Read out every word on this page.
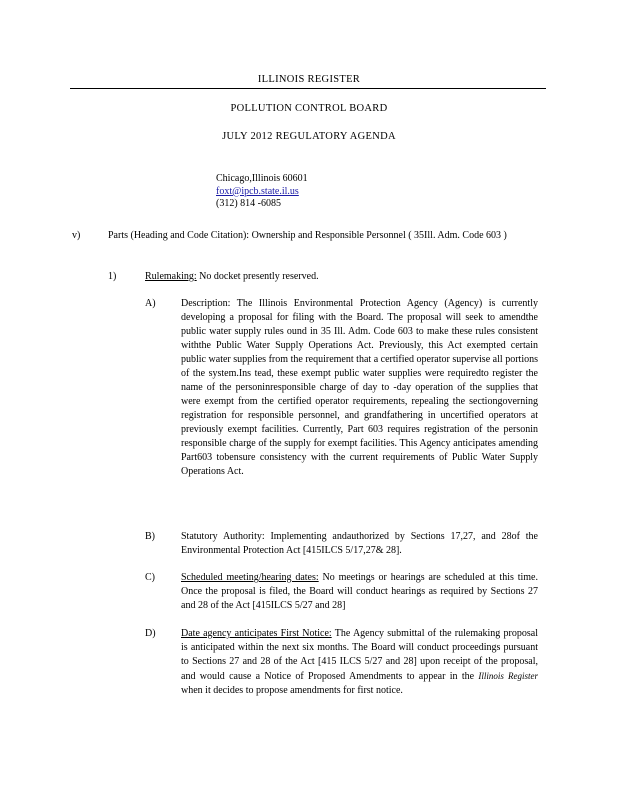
ILLINOIS REGISTER
POLLUTION CONTROL BOARD
JULY 2012 REGULATORY AGENDA
Chicago,Illinois 60601
foxt@ipcb.state.il.us
(312) 814 -6085
v)	Parts (Heading and Code Citation): Ownership and Responsible Personnel ( 35Ill. Adm. Code 603 )
1)	Rulemaking: No docket presently reserved.
A)	Description: The Illinois Environmental Protection Agency (Agency) is currently developing a proposal for filing with the Board. The proposal will seek to amendthe public water supply rules ound in 35 Ill. Adm. Code 603 to make these rules consistent withthe Public Water Supply Operations Act. Previously, this Act exempted certain public water supplies from the requirement that a certified operator supervise all portions of the system.Ins tead, these exempt public water supplies were requiredto register the name of the personinresponsible charge of day to -day operation of the supplies that were exempt from the certified operator requirements, repealing the sectiongoverning registration for responsible personnel, and grandfathering in uncertified operators at previously exempt facilities. Currently, Part 603 requires registration of the personin responsible charge of the supply for exempt facilities. This Agency anticipates amending Part603 tobensure consistency with the current requirements of Public Water Supply Operations Act.
B)	Statutory Authority: Implementing andauthorized by Sections 17,27, and 28of the Environmental Protection Act [415ILCS 5/17,27& 28].
C)	Scheduled meeting/hearing dates: No meetings or hearings are scheduled at this time. Once the proposal is filed, the Board will conduct hearings as required by Sections 27 and 28 of the Act [415ILCS 5/27 and 28]
D)	Date agency anticipates First Notice: The Agency submittal of the rulemaking proposal is anticipated within the next six months. The Board will conduct proceedings pursuant to Sections 27 and 28 of the Act [415 ILCS 5/27 and 28] upon receipt of the proposal, and would cause a Notice of Proposed Amendments to appear in the Illinois Register when it decides to propose amendments for first notice.
